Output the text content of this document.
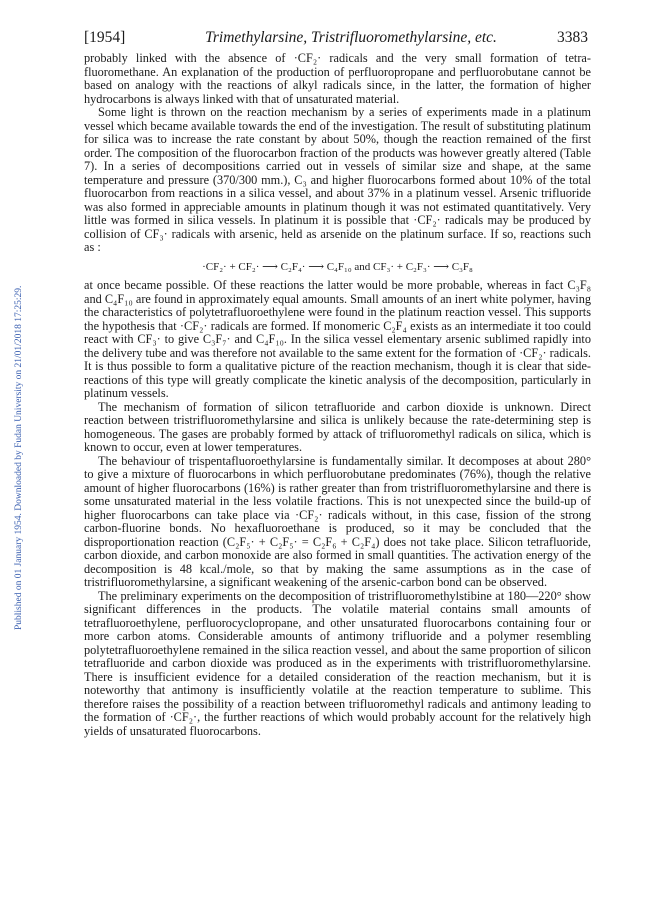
Published on 01 January 1954. Downloaded by Fudan University on 21/01/2018 17:25:29.
[1954]	Trimethylarsine, Tristrifluoromethylarsine, etc.	3383

probably linked with the absence of ·CF₂· radicals and the very small formation of tetra-fluoromethane. An explanation of the production of perfluoropropane and perfluorobutane cannot be based on analogy with the reactions of alkyl radicals since, in the latter, the formation of higher hydrocarbons is always linked with that of unsaturated material.

Some light is thrown on the reaction mechanism by a series of experiments made in a platinum vessel which became available towards the end of the investigation. The result of substituting platinum for silica was to increase the rate constant by about 50%, though the reaction remained of the first order. The composition of the fluorocarbon fraction of the products was however greatly altered (Table 7). In a series of decompositions carried out in vessels of similar size and shape, at the same temperature and pressure (370/300 mm.), C₃ and higher fluorocarbons formed about 10% of the total fluorocarbon from reactions in a silica vessel, and about 37% in a platinum vessel. Arsenic trifluoride was also formed in appreciable amounts in platinum though it was not estimated quantitatively. Very little was formed in silica vessels. In platinum it is possible that ·CF₂· radicals may be produced by collision of CF₃· radicals with arsenic, held as arsenide on the platinum surface. If so, reactions such as :

·CF₂· + CF₂· ⟶ C₂F₄· ⟶ C₄F₁₀ and CF₃· + C₂F₃· ⟶ C₃F₈

at once became possible. Of these reactions the latter would be more probable, whereas in fact C₃F₈ and C₄F₁₀ are found in approximately equal amounts. Small amounts of an inert white polymer, having the characteristics of polytetrafluoroethylene were found in the platinum reaction vessel. This supports the hypothesis that ·CF₂· radicals are formed. If monomeric C₂F₄ exists as an intermediate it too could react with CF₃· to give C₃F₇· and C₄F₁₀. In the silica vessel elementary arsenic sublimed rapidly into the delivery tube and was therefore not available to the same extent for the formation of ·CF₂· radicals. It is thus possible to form a qualitative picture of the reaction mechanism, though it is clear that side-reactions of this type will greatly complicate the kinetic analysis of the decomposition, particularly in platinum vessels.

The mechanism of formation of silicon tetrafluoride and carbon dioxide is unknown. Direct reaction between tristrifluoromethylarsine and silica is unlikely because the rate-determining step is homogeneous. The gases are probably formed by attack of trifluoromethyl radicals on silica, which is known to occur, even at lower temperatures.

The behaviour of trispentafluoroethylarsine is fundamentally similar. It decomposes at about 280° to give a mixture of fluorocarbons in which perfluorobutane predominates (76%), though the relative amount of higher fluorocarbons (16%) is rather greater than from tristrifluoromethylarsine and there is some unsaturated material in the less volatile fractions. This is not unexpected since the build-up of higher fluorocarbons can take place via ·CF₂· radicals without, in this case, fission of the strong carbon-fluorine bonds. No hexafluoroethane is produced, so it may be concluded that the disproportionation reaction (C₂F₅· + C₂F₅· = C₂F₆ + C₂F₄) does not take place. Silicon tetrafluoride, carbon dioxide, and carbon monoxide are also formed in small quantities. The activation energy of the decomposition is 48 kcal./mole, so that by making the same assumptions as in the case of tristrifluoromethylarsine, a significant weakening of the arsenic-carbon bond can be observed.

The preliminary experiments on the decomposition of tristrifluoromethylstibine at 180—220° show significant differences in the products. The volatile material contains small amounts of tetrafluoroethylene, perfluorocyclopropane, and other unsaturated fluorocarbons containing four or more carbon atoms. Considerable amounts of antimony trifluoride and a polymer resembling polytetrafluoroethylene remained in the silica reaction vessel, and about the same proportion of silicon tetrafluoride and carbon dioxide was produced as in the experiments with tristrifluoromethylarsine. There is insufficient evidence for a detailed consideration of the reaction mechanism, but it is noteworthy that antimony is insufficiently volatile at the reaction temperature to sublime. This therefore raises the possibility of a reaction between trifluoromethyl radicals and antimony leading to the formation of ·CF₂·, the further reactions of which would probably account for the relatively high yields of unsaturated fluorocarbons.
